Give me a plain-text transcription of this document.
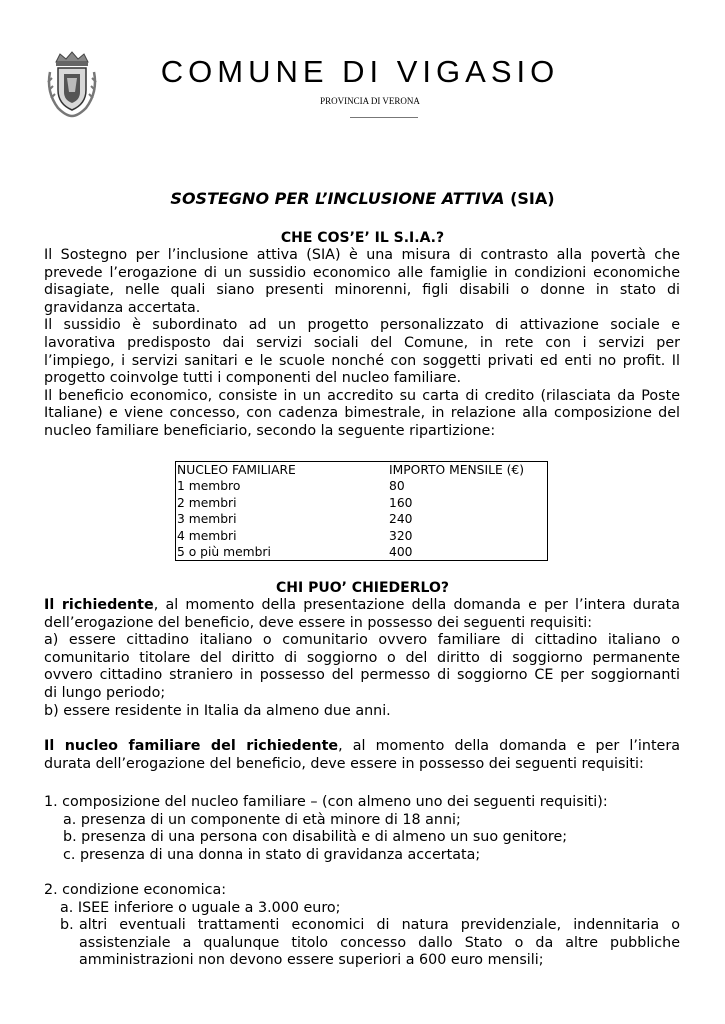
COMUNE DI VIGASIO
PROVINCIA DI VERONA
SOSTEGNO PER L’INCLUSIONE ATTIVA (SIA)
CHE COS’E’ IL S.I.A.?
Il Sostegno per l’inclusione attiva (SIA) è una misura di contrasto alla povertà che
prevede l’erogazione di un sussidio economico alle famiglie in condizioni economiche
disagiate, nelle quali siano presenti minorenni, figli disabili o donne in stato di
gravidanza accertata.
Il sussidio è subordinato ad un progetto personalizzato di attivazione sociale e
lavorativa predisposto dai servizi sociali del Comune, in rete con i servizi per
l’impiego, i servizi sanitari e le scuole nonché con soggetti privati ed enti no profit. Il
progetto coinvolge tutti i componenti del nucleo familiare.
Il beneficio economico, consiste in un accredito su carta di credito (rilasciata da Poste
Italiane) e viene concesso, con cadenza bimestrale, in relazione alla composizione del
nucleo familiare beneficiario, secondo la seguente ripartizione:
NUCLEO FAMILIARE	IMPORTO MENSILE (€)
1 membro	80
2 membri	160
3 membri	240
4 membri	320
5 o più membri	400
CHI PUO’ CHIEDERLO?
Il richiedente, al momento della presentazione della domanda e per l’intera durata
dell’erogazione del beneficio, deve essere in possesso dei seguenti requisiti:
a) essere cittadino italiano o comunitario ovvero familiare di cittadino italiano o
comunitario titolare del diritto di soggiorno o del diritto di soggiorno permanente
ovvero cittadino straniero in possesso del permesso di soggiorno CE per soggiornanti
di lungo periodo;
b) essere residente in Italia da almeno due anni.
Il nucleo familiare del richiedente, al momento della domanda e per l’intera
durata dell’erogazione del beneficio, deve essere in possesso dei seguenti requisiti:
1. composizione del nucleo familiare – (con almeno uno dei seguenti requisiti):
a. presenza di un componente di età minore di 18 anni;
b. presenza di una persona con disabilità e di almeno un suo genitore;
c. presenza di una donna in stato di gravidanza accertata;
2. condizione economica:
a. ISEE inferiore o uguale a 3.000 euro;
b. altri eventuali trattamenti economici di natura previdenziale, indennitaria o
assistenziale a qualunque titolo concesso dallo Stato o da altre pubbliche
amministrazioni non devono essere superiori a 600 euro mensili;
